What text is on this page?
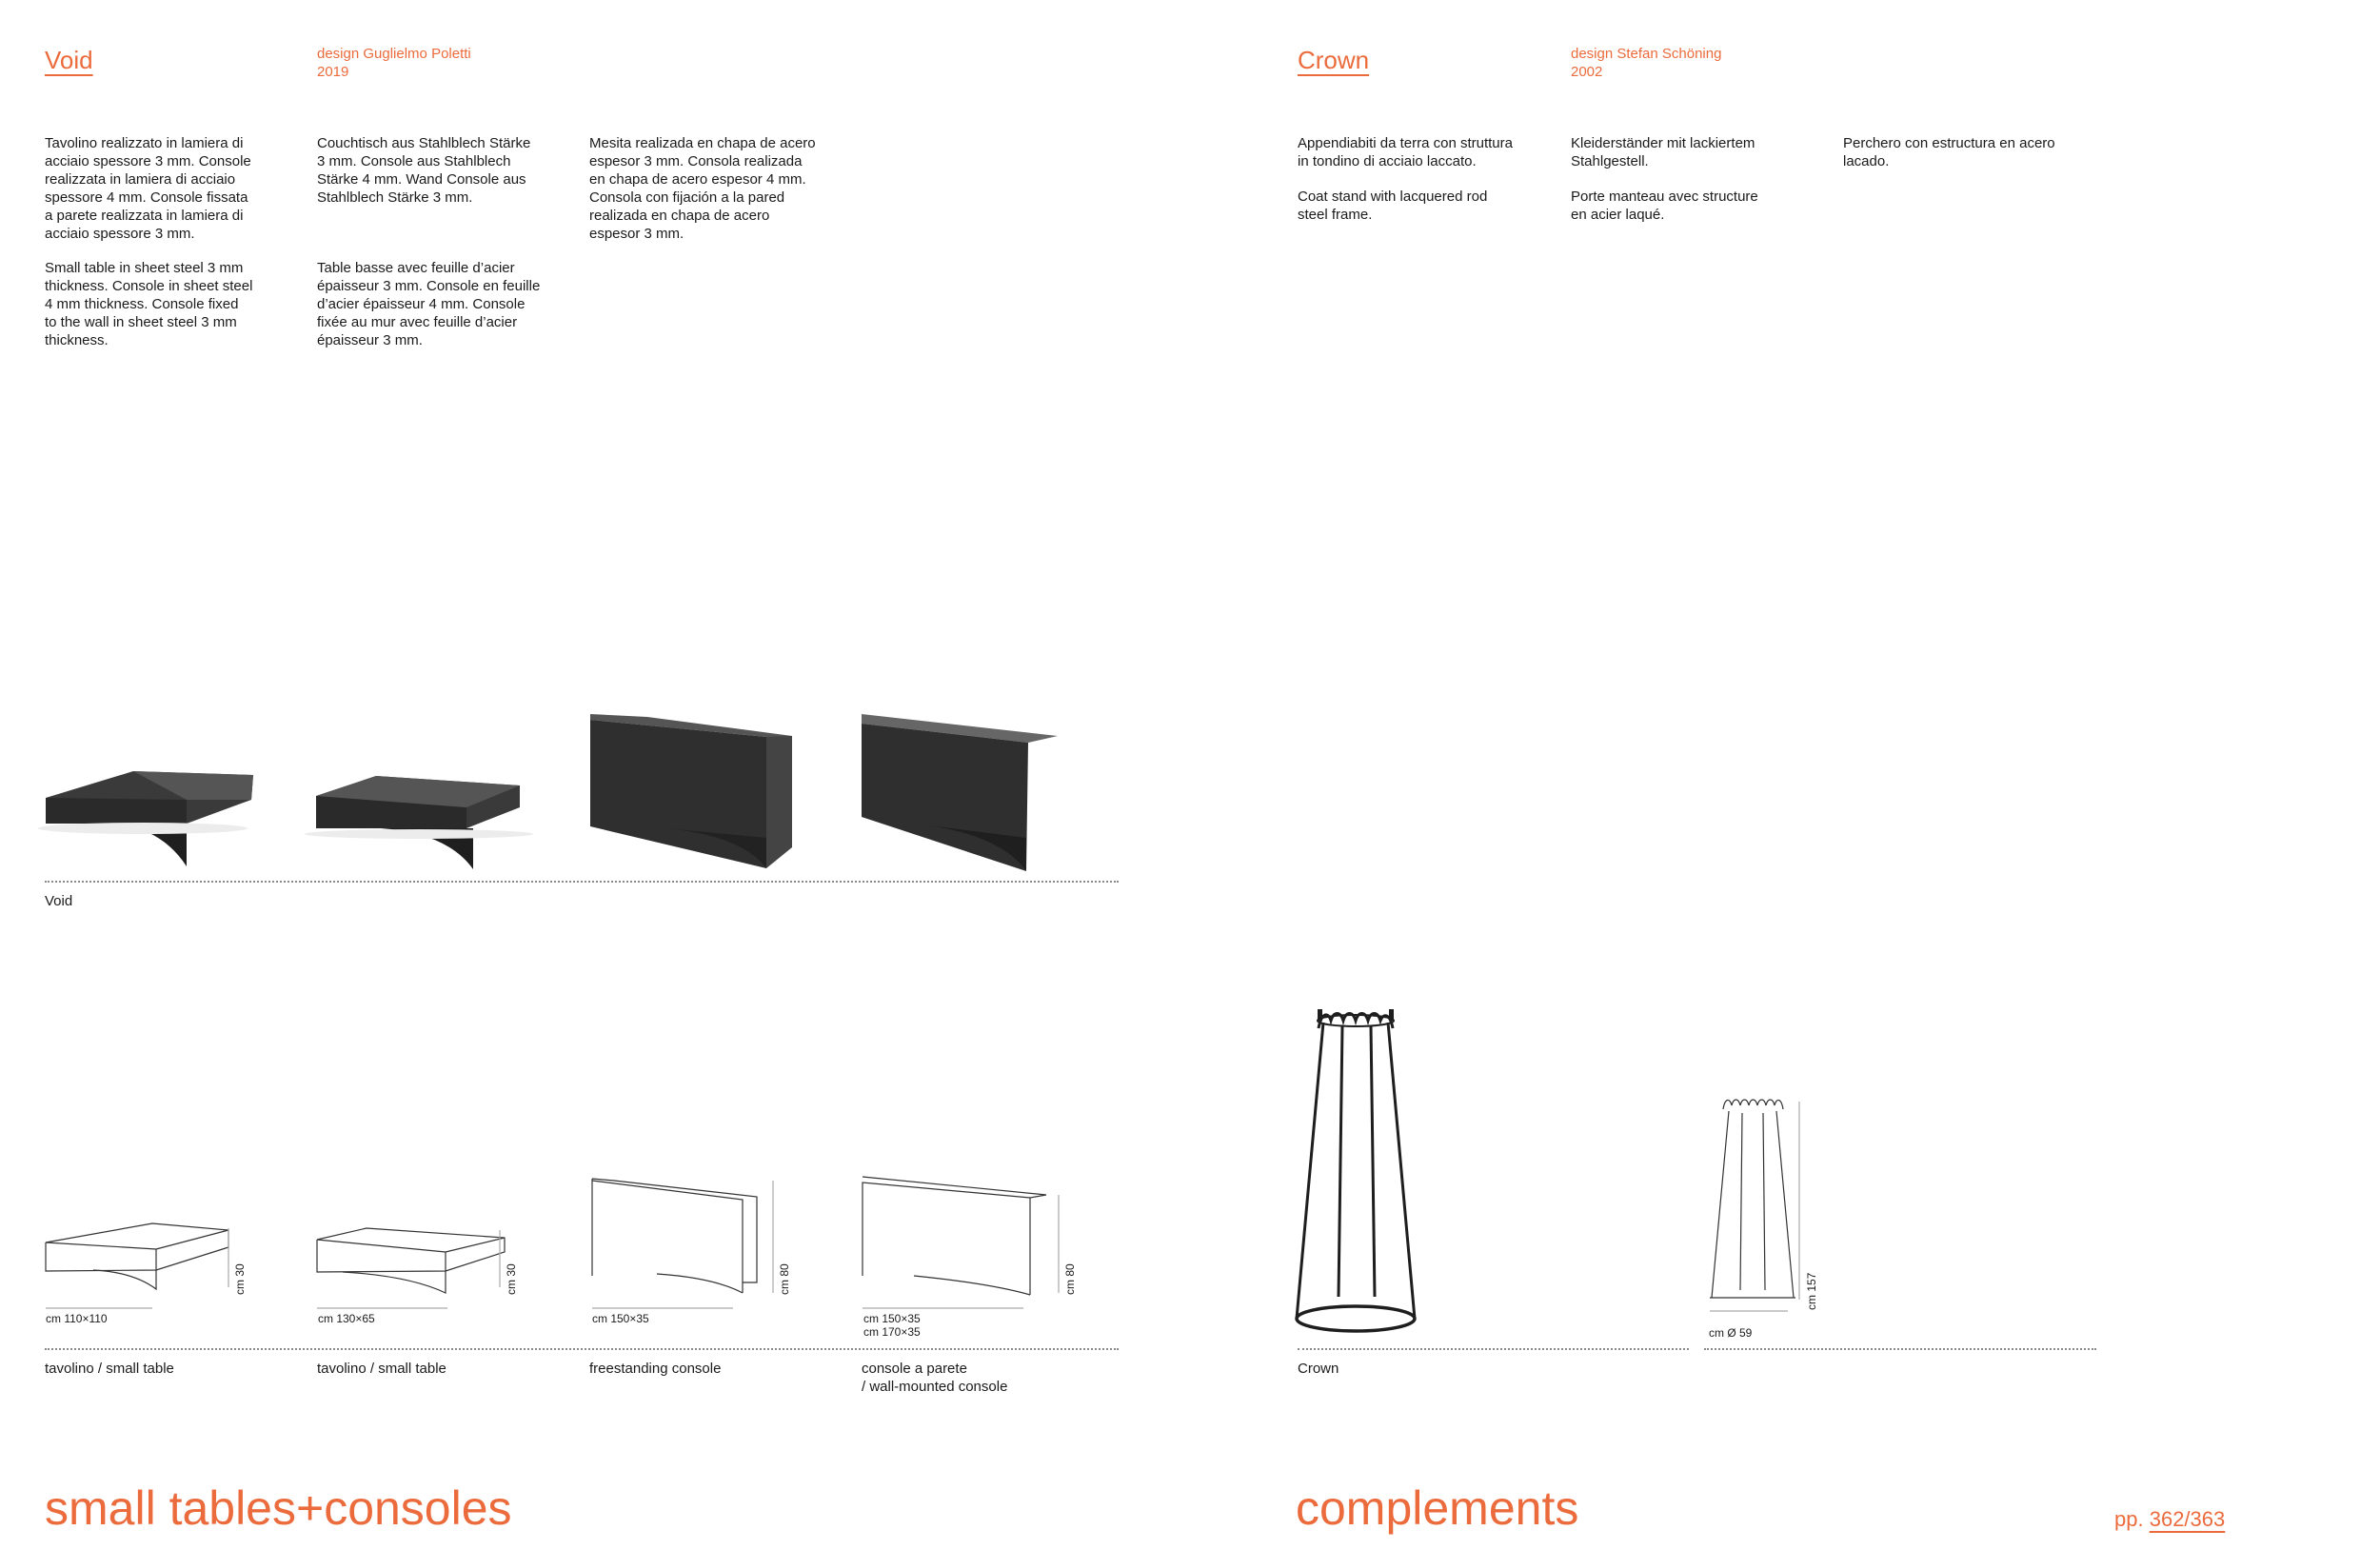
Void	design Guglielmo Poletti
2019
Tavolino realizzato in lamiera di
acciaio spessore 3 mm. Console
realizzata in lamiera di acciaio
spessore 4 mm. Console fissata
a parete realizzata in lamiera di
acciaio spessore 3 mm.
Small table in sheet steel 3 mm
thickness. Console in sheet steel
4 mm thickness. Console fixed
to the wall in sheet steel 3 mm
thickness.
Couchtisch aus Stahlblech Stärke
3 mm. Console aus Stahlblech
Stärke 4 mm. Wand Console aus
Stahlblech Stärke 3 mm.
Table basse avec feuille d’acier
épaisseur 3 mm. Console en feuille
d’acier épaisseur 4 mm. Console
fixée au mur avec feuille d’acier
épaisseur 3 mm.
Mesita realizada en chapa de acero
espesor 3 mm. Consola realizada
en chapa de acero espesor 4 mm.
Consola con fijación a la pared
realizada en chapa de acero
espesor 3 mm.
Void
cm 110×110
cm 30
cm 130×65
cm 30
cm 150×35
cm 80
cm 150×35
cm 170×35
cm 80
tavolino / small table	tavolino / small table	freestanding console	console a parete
/ wall-mounted console
small tables+consoles
Crown	design Stefan Schöning
2002
Appendiabiti da terra con struttura
in tondino di acciaio laccato.
Coat stand with lacquered rod
steel frame.
Kleiderständer mit lackiertem
Stahlgestell.
Porte manteau avec structure
en acier laqué.
Perchero con estructura en acero
lacado.
cm Ø 59
cm 157
Crown
complements	pp. 362/363
